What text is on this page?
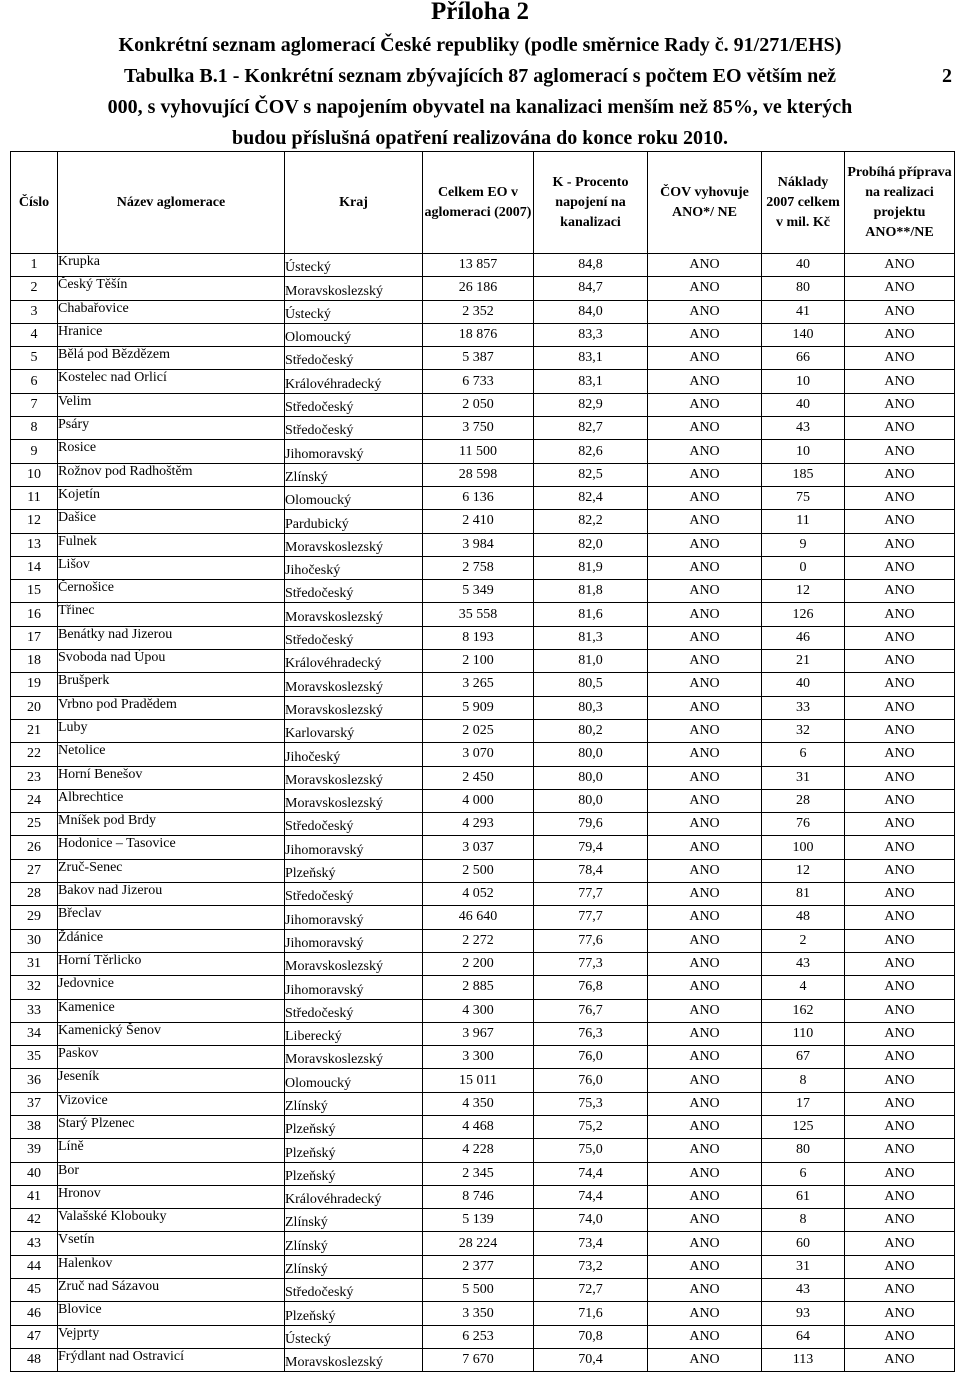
Příloha 2
Konkrétní seznam aglomerací České republiky (podle směrnice Rady č. 91/271/EHS)
Tabulka B.1 - Konkrétní seznam zbývajících 87 aglomerací s počtem EO větším než	2
000, s vyhovující ČOV s napojením obyvatel na kanalizaci menším než 85%, ve kterých
budou příslušná opatření realizována do konce roku 2010.
Číslo	Název aglomerace	Kraj	Celkem EO v aglomeraci (2007)	K - Procento napojení na kanalizaci	ČOV vyhovuje ANO*/ NE	Náklady 2007 celkem v mil. Kč	Probíhá příprava na realizaci projektu ANO**/NE
1	Krupka	Ústecký	13 857	84,8	ANO	40	ANO
2	Český Těšín	Moravskoslezský	26 186	84,7	ANO	80	ANO
3	Chabařovice	Ústecký	2 352	84,0	ANO	41	ANO
4	Hranice	Olomoucký	18 876	83,3	ANO	140	ANO
5	Bělá pod Bězdězem	Středočeský	5 387	83,1	ANO	66	ANO
6	Kostelec nad Orlicí	Královéhradecký	6 733	83,1	ANO	10	ANO
7	Velim	Středočeský	2 050	82,9	ANO	40	ANO
8	Psáry	Středočeský	3 750	82,7	ANO	43	ANO
9	Rosice	Jihomoravský	11 500	82,6	ANO	10	ANO
10	Rožnov pod Radhoštěm	Zlínský	28 598	82,5	ANO	185	ANO
11	Kojetín	Olomoucký	6 136	82,4	ANO	75	ANO
12	Dašice	Pardubický	2 410	82,2	ANO	11	ANO
13	Fulnek	Moravskoslezský	3 984	82,0	ANO	9	ANO
14	Lišov	Jihočeský	2 758	81,9	ANO	0	ANO
15	Černošice	Středočeský	5 349	81,8	ANO	12	ANO
16	Třinec	Moravskoslezský	35 558	81,6	ANO	126	ANO
17	Benátky nad Jizerou	Středočeský	8 193	81,3	ANO	46	ANO
18	Svoboda nad Úpou	Královéhradecký	2 100	81,0	ANO	21	ANO
19	Brušperk	Moravskoslezský	3 265	80,5	ANO	40	ANO
20	Vrbno pod Pradědem	Moravskoslezský	5 909	80,3	ANO	33	ANO
21	Luby	Karlovarský	2 025	80,2	ANO	32	ANO
22	Netolice	Jihočeský	3 070	80,0	ANO	6	ANO
23	Horní Benešov	Moravskoslezský	2 450	80,0	ANO	31	ANO
24	Albrechtice	Moravskoslezský	4 000	80,0	ANO	28	ANO
25	Mníšek pod Brdy	Středočeský	4 293	79,6	ANO	76	ANO
26	Hodonice – Tasovice	Jihomoravský	3 037	79,4	ANO	100	ANO
27	Zruč-Senec	Plzeňský	2 500	78,4	ANO	12	ANO
28	Bakov nad Jizerou	Středočeský	4 052	77,7	ANO	81	ANO
29	Břeclav	Jihomoravský	46 640	77,7	ANO	48	ANO
30	Ždánice	Jihomoravský	2 272	77,6	ANO	2	ANO
31	Horní Těrlicko	Moravskoslezský	2 200	77,3	ANO	43	ANO
32	Jedovnice	Jihomoravský	2 885	76,8	ANO	4	ANO
33	Kamenice	Středočeský	4 300	76,7	ANO	162	ANO
34	Kamenický Šenov	Liberecký	3 967	76,3	ANO	110	ANO
35	Paskov	Moravskoslezský	3 300	76,0	ANO	67	ANO
36	Jeseník	Olomoucký	15 011	76,0	ANO	8	ANO
37	Vizovice	Zlínský	4 350	75,3	ANO	17	ANO
38	Starý Plzenec	Plzeňský	4 468	75,2	ANO	125	ANO
39	Líně	Plzeňský	4 228	75,0	ANO	80	ANO
40	Bor	Plzeňský	2 345	74,4	ANO	6	ANO
41	Hronov	Královéhradecký	8 746	74,4	ANO	61	ANO
42	Valašské Klobouky	Zlínský	5 139	74,0	ANO	8	ANO
43	Vsetín	Zlínský	28 224	73,4	ANO	60	ANO
44	Halenkov	Zlínský	2 377	73,2	ANO	31	ANO
45	Zruč nad Sázavou	Středočeský	5 500	72,7	ANO	43	ANO
46	Blovice	Plzeňský	3 350	71,6	ANO	93	ANO
47	Vejprty	Ústecký	6 253	70,8	ANO	64	ANO
48	Frýdlant nad Ostravicí	Moravskoslezský	7 670	70,4	ANO	113	ANO
